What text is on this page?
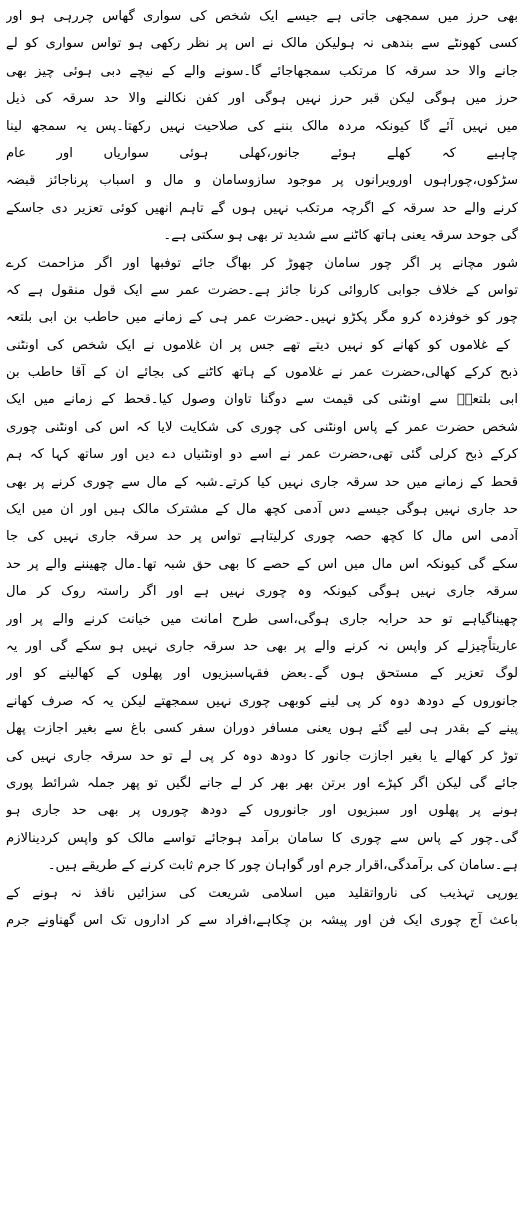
بھی حرز میں سمجھی جاتی ہے جیسے ایک شخص کی سواری گھاس چررہی ہو اور
کسی کھونٹے سے بندھی نہ ہولیکن مالک نے اس پر نظر رکھی ہو تواس سواری کو لے
جانے والا حد سرقہ کا مرتکب سمجھاجائے گا۔سونے والے کے نیچے دبی ہوئی چیز بھی
حرز میں ہوگی لیکن قبر حرز نہیں ہوگی اور کفن نکالنے والا حد سرقہ کی ذیل
میں نہیں آئے گا کیونکہ مردہ مالک بننے کی صلاحیت نہیں رکھتا۔پس یہ سمجھ لینا
چاہیے کہ کھلے ہوئے جانور،کھلی ہوئی سواریاں اور عام
سڑکوں،چوراہوں اورویرانوں پر موجود سازوسامان و مال و اسباب پرناجائز قبضہ
کرنے والے حد سرقہ کے اگرچہ مرتکب نہیں ہوں گے تاہم انھیں کوئی تعزیر دی جاسکے
گی جوحد سرقہ یعنی ہاتھ کاٹنے سے شدید تر بھی ہو سکتی ہے۔
شور مچانے پر اگر چور سامان چھوڑ کر بھاگ جائے توفبھا اور اگر مزاحمت کرے
تواس کے خلاف جوابی کاروائی کرنا جائز ہے۔حضرت عمر سے ایک قول منقول ہے کہ
چور کو خوفزدہ کرو مگر پکڑو نہیں۔حضرت عمر ہی کے زمانے میں حاطب بن ابی بلتعہ
ؓ کے غلاموں کو کھانے کو نہیں دیتے تھے جس پر ان غلاموں نے ایک شخص کی اونٹنی
ذبح کرکے کھالی،حضرت عمر نے غلاموں کے ہاتھ کاٹنے کی بجائے ان کے آقا حاطب بن
ابی بلتعہؓ سے اونٹنی کی قیمت سے دوگنا تاوان وصول کیا۔قحط کے زمانے میں ایک
شخص حضرت عمر کے پاس اونٹنی کی چوری کی شکایت لایا کہ اس کی اونٹنی چوری
کرکے ذبح کرلی گئی تھی،حضرت عمر نے اسے دو اونٹنیاں دے دیں اور ساتھ کہا کہ ہم
قحط کے زمانے میں حد سرقہ جاری نہیں کیا کرتے۔شبہ کے مال سے چوری کرنے پر بھی
حد جاری نہیں ہوگی جیسے دس آدمی کچھ مال کے مشترک مالک ہیں اور ان میں ایک
آدمی اس مال کا کچھ حصہ چوری کرلیتاہے تواس پر حد سرقہ جاری نہیں کی جا
سکے گی کیونکہ اس مال میں اس کے حصے کا بھی حق شبہ تھا۔مال چھیننے والے پر حد
سرقہ جاری نہیں ہوگی کیونکہ وہ چوری نہیں ہے اور اگر راستہ روک کر مال
چھیناگیاہے تو حد حرابہ جاری ہوگی،اسی طرح امانت میں خیانت کرنے والے پر اور
عاریتاًچیزلے کر واپس نہ کرنے والے پر بھی حد سرقہ جاری نہیں ہو سکے گی اور یہ
لوگ تعزیر کے مستحق ہوں گے۔بعض فقہاسبزیوں اور پھلوں کے کھالینے کو اور
جانوروں کے دودھ دوہ کر پی لینے کوبھی چوری نہیں سمجھتے لیکن یہ کہ صرف کھانے
پینے کے بقدر ہی لیے گئے ہوں یعنی مسافر دوران سفر کسی باغ سے بغیر اجازت پھل
توڑ کر کھالے یا بغیر اجازت جانور کا دودھ دوہ کر پی لے تو حد سرقہ جاری نہیں کی
جائے گی لیکن اگر کپڑے اور برتن بھر بھر کر لے جانے لگیں تو پھر جملہ شرائط پوری
ہونے پر پھلوں اور سبزیوں اور جانوروں کے دودھ چوروں پر بھی حد جاری ہو
گی۔چور کے پاس سے چوری کا سامان برآمد ہوجائے تواسے مالک کو واپس کردینالازم
ہے۔سامان کی برآمدگی،اقرار جرم اور گواہان چور کا جرم ثابت کرنے کے طریقے ہیں۔
یورپی تہذیب کی نارواتقلید میں اسلامی شریعت کی سزائیں نافذ نہ ہونے کے
باعث آج چوری ایک فن اور پیشہ بن چکاہے،افراد سے کر اداروں تک اس گھناونے جرم
